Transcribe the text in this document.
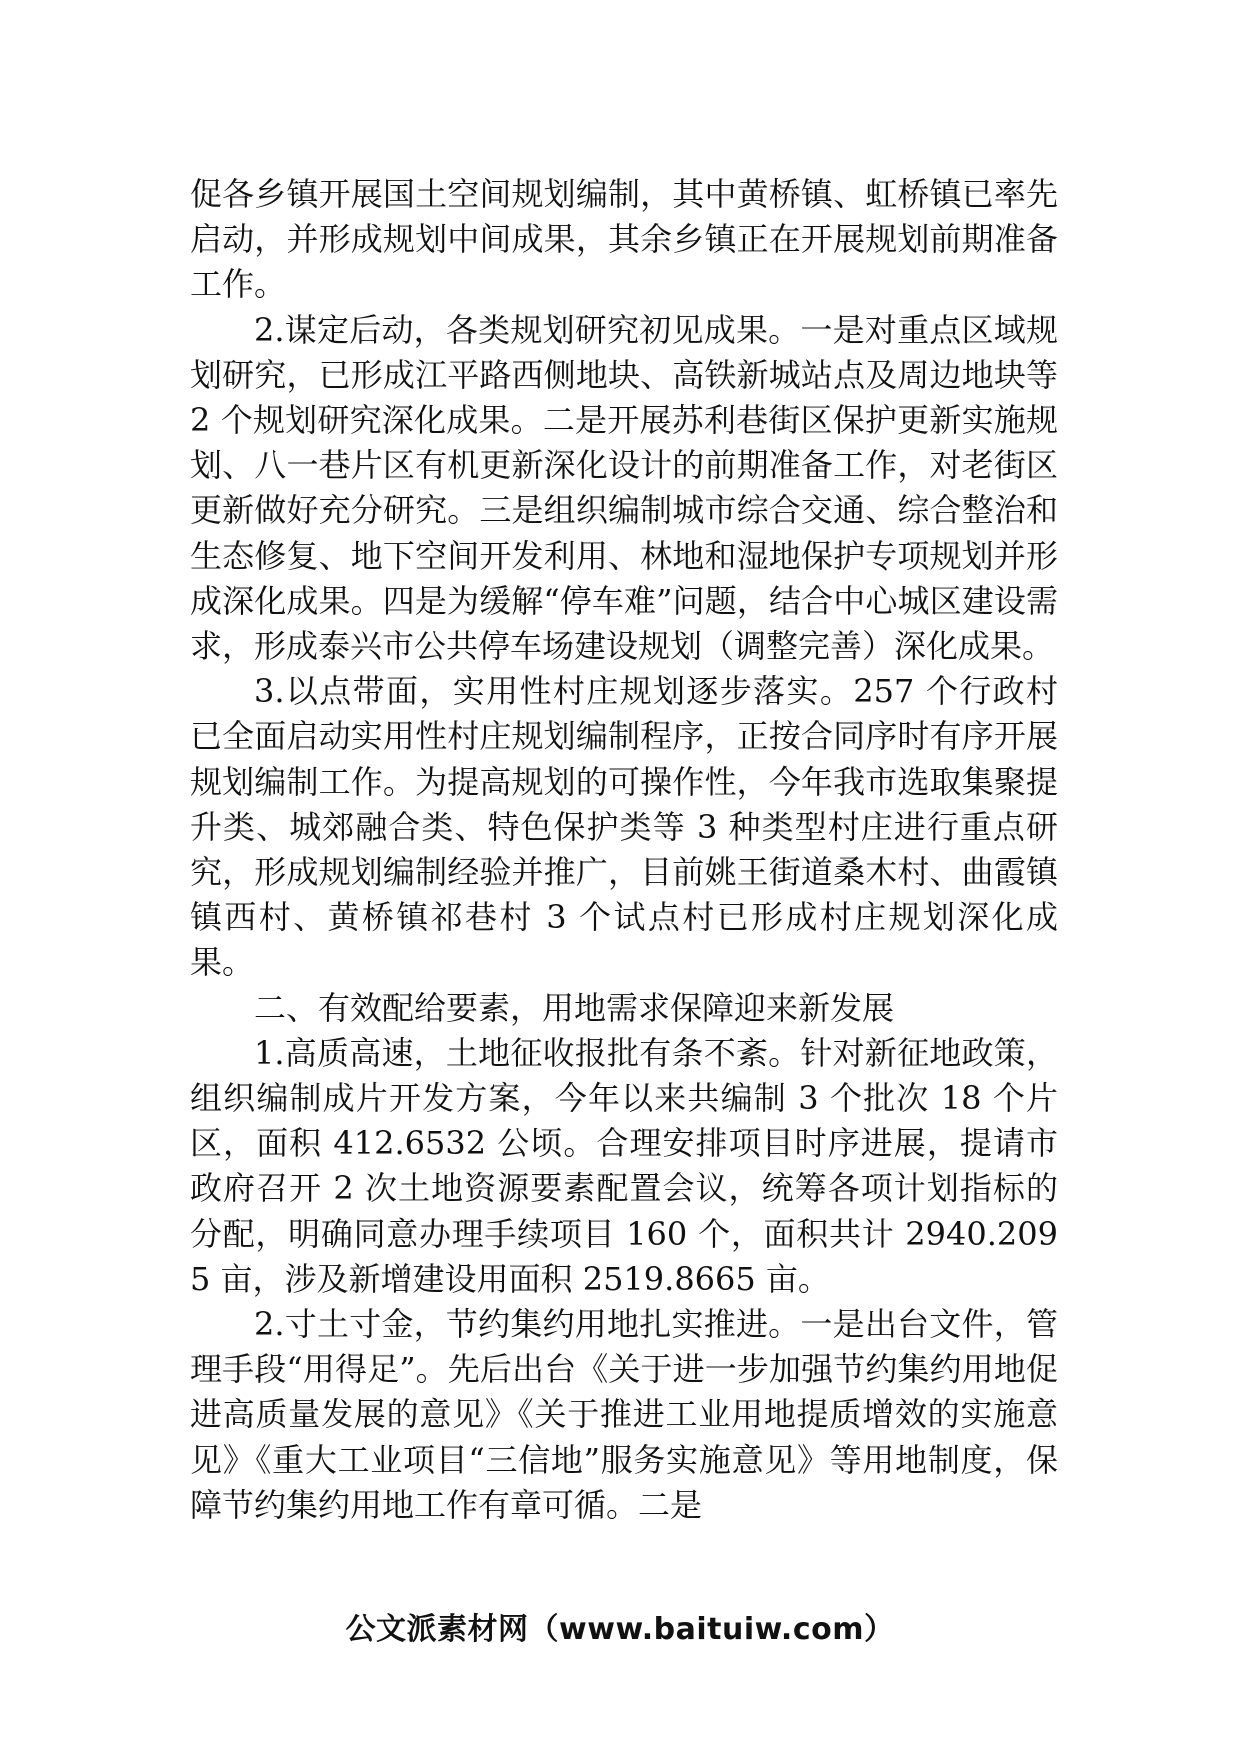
促各乡镇开展国土空间规划编制，其中黄桥镇、虹桥镇已率先启动，并形成规划中间成果，其余乡镇正在开展规划前期准备工作。

2.谋定后动，各类规划研究初见成果。一是对重点区域规划研究，已形成江平路西侧地块、高铁新城站点及周边地块等 2 个规划研究深化成果。二是开展苏利巷街区保护更新实施规划、八一巷片区有机更新深化设计的前期准备工作，对老街区更新做好充分研究。三是组织编制城市综合交通、综合整治和生态修复、地下空间开发利用、林地和湿地保护专项规划并形成深化成果。四是为缓解“停车难”问题，结合中心城区建设需求，形成泰兴市公共停车场建设规划（调整完善）深化成果。

3.以点带面，实用性村庄规划逐步落实。257 个行政村已全面启动实用性村庄规划编制程序，正按合同序时有序开展规划编制工作。为提高规划的可操作性，今年我市选取集聚提升类、城郊融合类、特色保护类等 3 种类型村庄进行重点研究，形成规划编制经验并推广，目前姚王街道桑木村、曲霞镇镇西村、黄桥镇祁巷村 3 个试点村已形成村庄规划深化成果。

二、有效配给要素，用地需求保障迎来新发展

1.高质高速，土地征收报批有条不紊。针对新征地政策，组织编制成片开发方案，今年以来共编制 3 个批次 18 个片区，面积 412.6532 公顷。合理安排项目时序进展，提请市政府召开 2 次土地资源要素配置会议，统筹各项计划指标的分配，明确同意办理手续项目 160 个，面积共计 2940.2095 亩，涉及新增建设用面积 2519.8665 亩。

2.寸土寸金，节约集约用地扎实推进。一是出台文件，管理手段“用得足”。先后出台《关于进一步加强节约集约用地促进高质量发展的意见》《关于推进工业用地提质增效的实施意见》《重大工业项目“三信地”服务实施意见》等用地制度，保障节约集约用地工作有章可循。二是

公文派素材网（www.baituiw.com）
